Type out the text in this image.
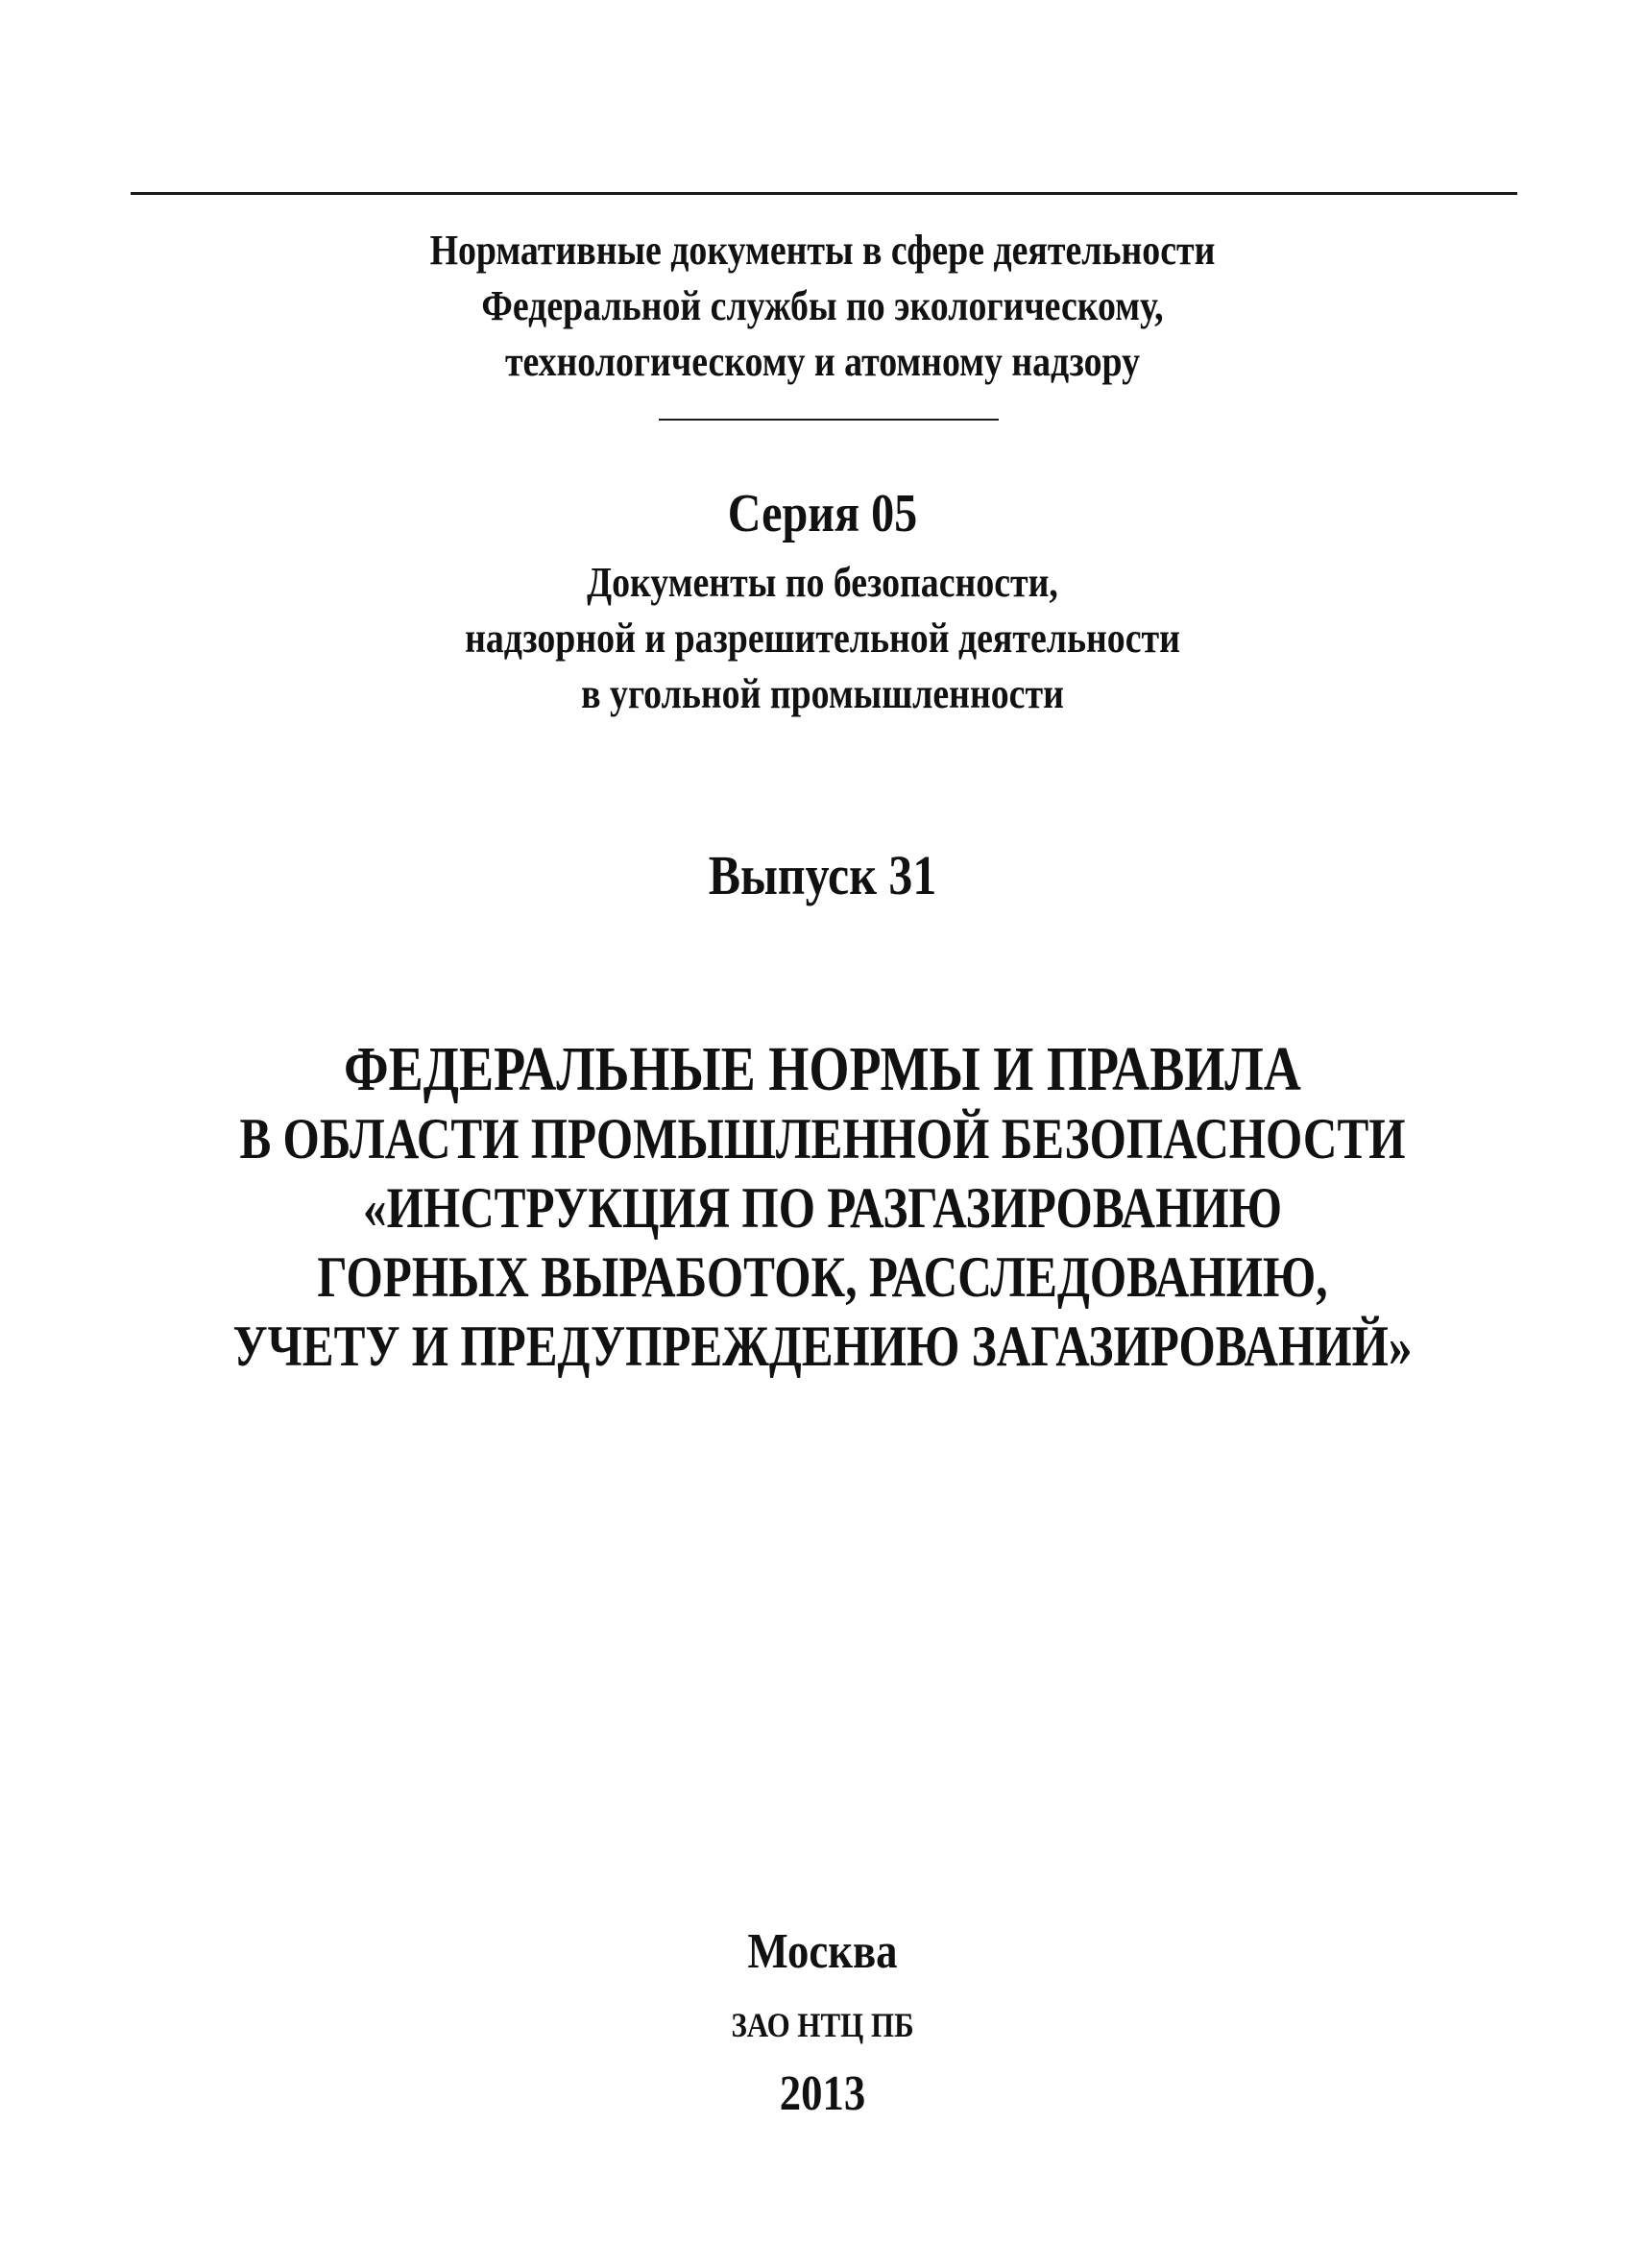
Нормативные документы в сфере деятельности
Федеральной службы по экологическому,
технологическому и атомному надзору
Серия 05
Документы по безопасности,
надзорной и разрешительной деятельности
в угольной промышленности
Выпуск 31
ФЕДЕРАЛЬНЫЕ НОРМЫ И ПРАВИЛА
В ОБЛАСТИ ПРОМЫШЛЕННОЙ БЕЗОПАСНОСТИ
«ИНСТРУКЦИЯ ПО РАЗГАЗИРОВАНИЮ
ГОРНЫХ ВЫРАБОТОК, РАССЛЕДОВАНИЮ,
УЧЕТУ И ПРЕДУПРЕЖДЕНИЮ ЗАГАЗИРОВАНИЙ»
Москва
ЗАО НТЦ ПБ
2013
